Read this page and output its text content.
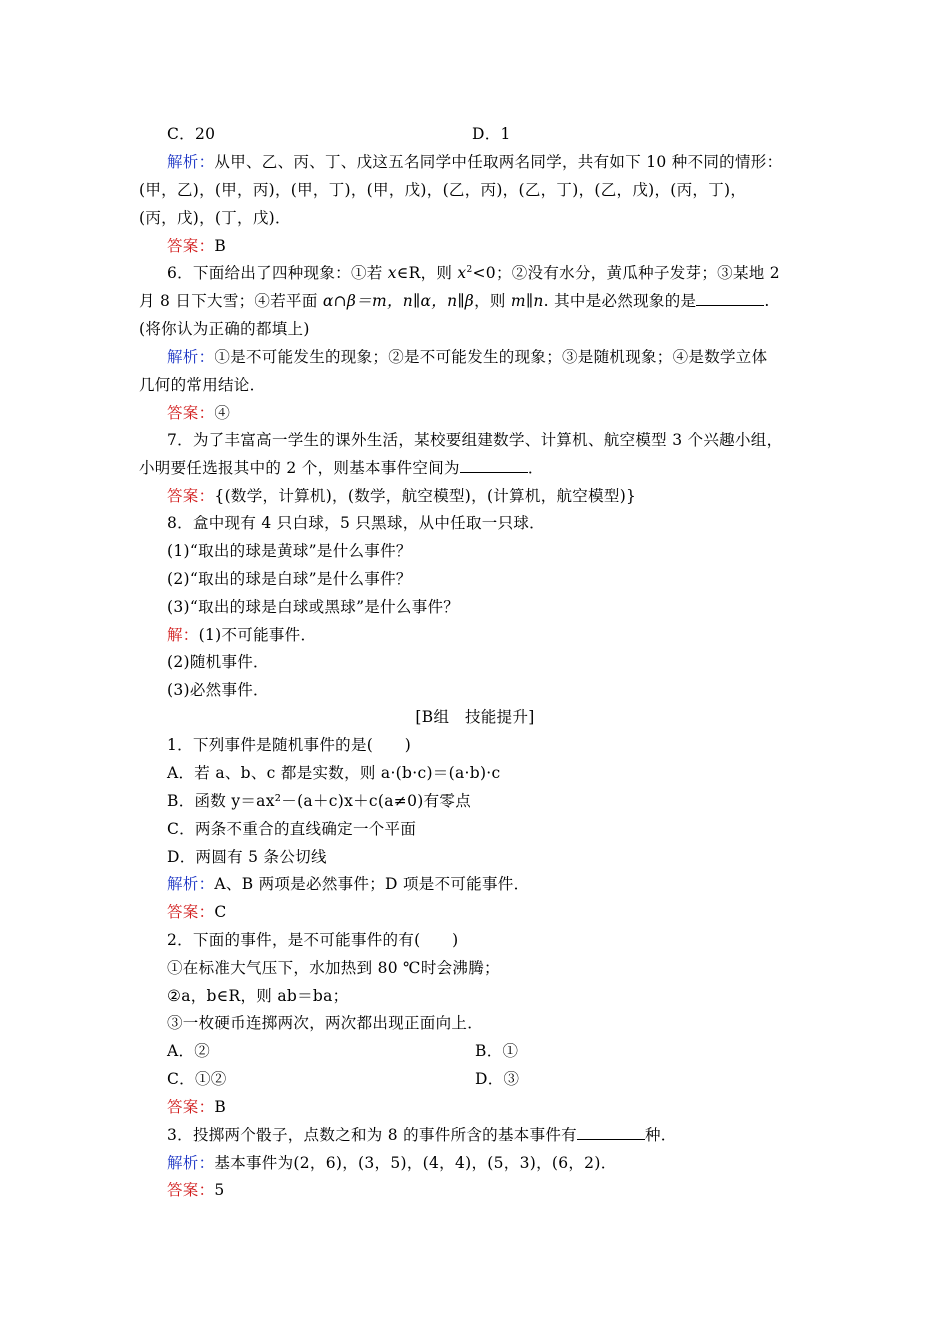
C．20	D．1
解析：从甲、乙、丙、丁、戊这五名同学中任取两名同学，共有如下 10 种不同的情形：
(甲，乙)，(甲，丙)，(甲，丁)，(甲，戊)，(乙，丙)，(乙，丁)，(乙，戊)，(丙，丁)，
(丙，戊)，(丁，戊)．
答案：B
6．下面给出了四种现象：①若 x∈R，则 $x^2<0$；②没有水分，黄瓜种子发芽；③某地 2
月 8 日下大雪；④若平面 α∩β＝m，n∥α，n∥β，则 m∥n. 其中是必然现象的是	.
(将你认为正确的都填上)
解析：①是不可能发生的现象；②是不可能发生的现象；③是随机现象；④是数学立体
几何的常用结论．
答案：④
7．为了丰富高一学生的课外生活，某校要组建数学、计算机、航空模型 3 个兴趣小组，
小明要任选报其中的 2 个，则基本事件空间为	．
答案：{(数学，计算机)，(数学，航空模型)，(计算机，航空模型)}
8．盒中现有 4 只白球，5 只黑球，从中任取一只球．
(1)“取出的球是黄球”是什么事件？
(2)“取出的球是白球”是什么事件？
(3)“取出的球是白球或黑球”是什么事件？
解：(1)不可能事件．
(2)随机事件．
(3)必然事件．
[B组　技能提升]
1．下列事件是随机事件的是(　　)
A．若 a、b、c 都是实数，则 a·(b·c)＝(a·b)·c
B．函数 y＝ax²－(a＋c)x＋c(a≠0)有零点
C．两条不重合的直线确定一个平面
D．两圆有 5 条公切线
解析：A、B 两项是必然事件；D 项是不可能事件．
答案：C
2．下面的事件，是不可能事件的有(　　)
①在标准大气压下，水加热到 80 ℃时会沸腾；
②a，b∈R，则 ab＝ba；
③一枚硬币连掷两次，两次都出现正面向上．
A．②	B．①
C．①②	D．③
答案：B
3．投掷两个骰子，点数之和为 8 的事件所含的基本事件有	种．
解析：基本事件为(2，6)，(3，5)，(4，4)，(5，3)，(6，2)．
答案：5
